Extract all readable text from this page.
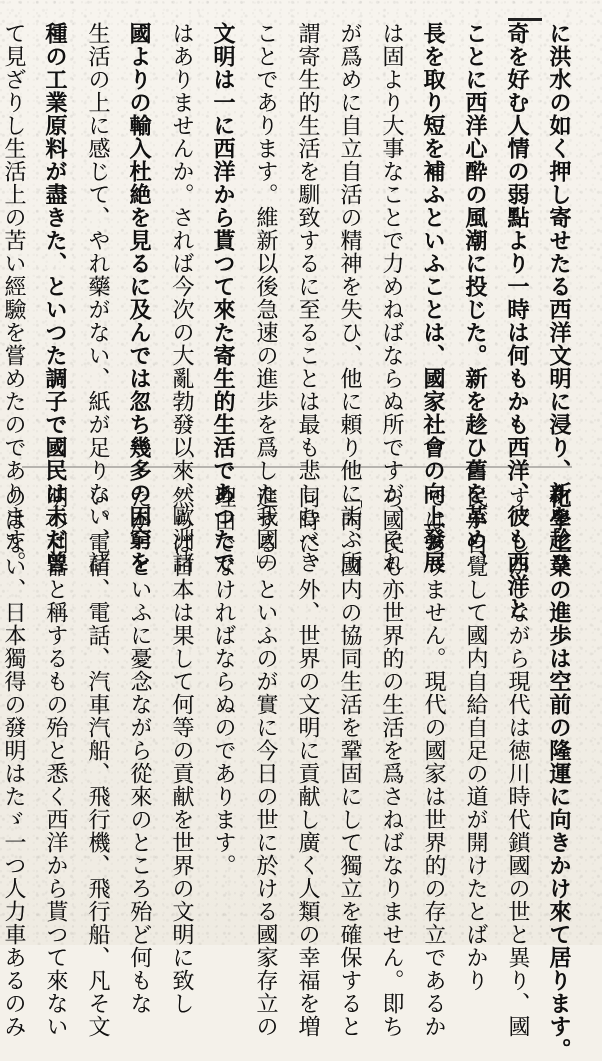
に洪水の如く押し寄せたる西洋文明に浸り、新を趁ひ
奇を好む人情の弱點より一時は何もかも西洋、彼も西洋と
ことに西洋心酔の風潮に投じた。新を趁ひ舊を革め、
長を取り短を補ふといふことは、國家社會の向上發展
は固より大事なことで力めねばならぬ所ですが、それ
が爲めに自立自活の精神を失ひ、他に頼り他に詣ふ所
謂寄生的生活を馴致するに至ることは最も悲しむべき
ことであります。維新以後急速の進歩を爲した我國の
文明は一に西洋から貰つて來た寄生的生活であつたで
はありませんか。されば今次の大亂勃發以來、歐洲諸
國よりの輸入杜絶を見るに及んでは忽ち幾多の困窮を
生活の上に感じて、やれ藥がない、紙が足りない、諸
種の工業原料が盡きた、といつた調子で國民は未だ曾
て見ざりし生活上の苦い經驗を嘗めたのであります。
化學工業の進歩は空前の隆運に向きかけ來て居ります。
す。しかしながら現代は徳川時代鎖國の世と異り、國
民が自覺して國内自給自足の道が開けたとばかり
ではありません。現代の國家は世界的の存立であるか
ら國民も亦世界的の生活を爲さねばなりません。即ち
「内、國内の協同生活を鞏固にして獨立を確保すると
同時に、外、世界の文明に貢献し廣く人類の幸福を増
進する」といふのが實に今日の世に於ける國家存立の
理由でなければならぬのであります。
然らば日本は果して何等の貢献を世界の文明に致し
たか、といふに憂念ながら從來のところ殆ど何もな
い。電信、電話、汽車汽船、飛行機、飛行船、凡そ文
明の利器と稱するもの殆と悉く西洋から貰つて來ない
のはない、日本獨得の發明はたゞ一つ人力車あるのみ
